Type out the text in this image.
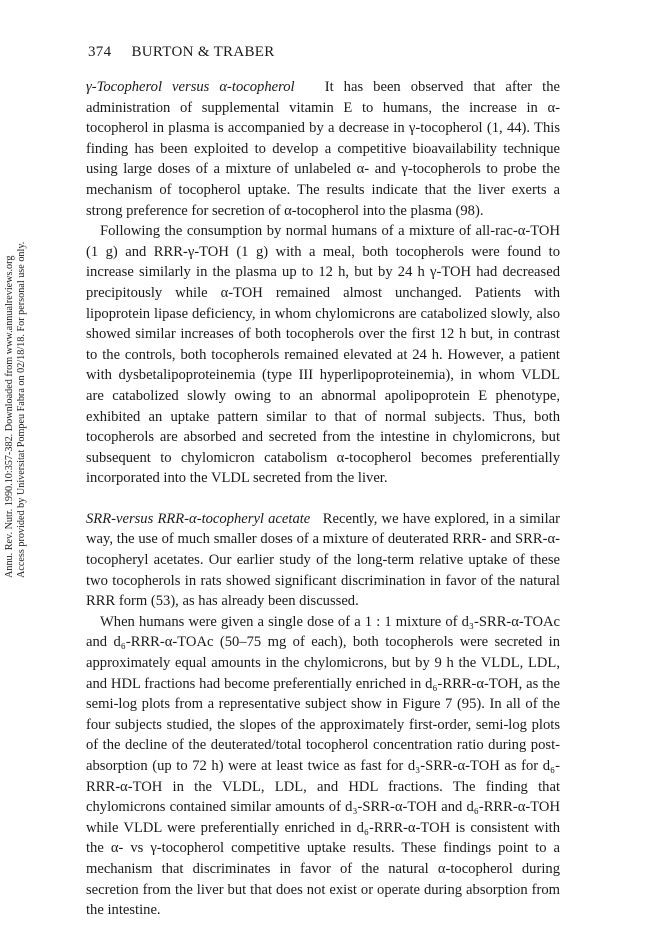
374 BURTON & TRABER
Annu. Rev. Nutr. 1990.10:357-382. Downloaded from www.annualreviews.org Access provided by Universitat Pompeu Fabra on 02/18/18. For personal use only.

γ-Tocopherol versus α-tocopherol It has been observed that after the administration of supplemental vitamin E to humans, the increase in α-tocopherol in plasma is accompanied by a decrease in γ-tocopherol (1, 44). This finding has been exploited to develop a competitive bioavailability technique using large doses of a mixture of unlabeled α- and γ-tocopherols to probe the mechanism of tocopherol uptake. The results indicate that the liver exerts a strong preference for secretion of α-tocopherol into the plasma (98).

Following the consumption by normal humans of a mixture of all-rac-α-TOH (1 g) and RRR-γ-TOH (1 g) with a meal, both tocopherols were found to increase similarly in the plasma up to 12 h, but by 24 h γ-TOH had decreased precipitously while α-TOH remained almost unchanged. Patients with lipoprotein lipase deficiency, in whom chylomicrons are catabolized slowly, also showed similar increases of both tocopherols over the first 12 h but, in contrast to the controls, both tocopherols remained elevated at 24 h. However, a patient with dysbetalipoproteinemia (type III hyperlipoproteinemia), in whom VLDL are catabolized slowly owing to an abnormal apolipoprotein E phenotype, exhibited an uptake pattern similar to that of normal subjects. Thus, both tocopherols are absorbed and secreted from the intestine in chylomicrons, but subsequent to chylomicron catabolism α-tocopherol becomes preferentially incorporated into the VLDL secreted from the liver.

SRR-versus RRR-α-tocopheryl acetate Recently, we have explored, in a similar way, the use of much smaller doses of a mixture of deuterated RRR- and SRR-α-tocopheryl acetates. Our earlier study of the long-term relative uptake of these two tocopherols in rats showed significant discrimination in favor of the natural RRR form (53), as has already been discussed.

When humans were given a single dose of a 1 : 1 mixture of d₃-SRR-α-TOAc and d₆-RRR-α-TOAc (50–75 mg of each), both tocopherols were secreted in approximately equal amounts in the chylomicrons, but by 9 h the VLDL, LDL, and HDL fractions had become preferentially enriched in d₆-RRR-α-TOH, as the semi-log plots from a representative subject show in Figure 7 (95). In all of the four subjects studied, the slopes of the approximately first-order, semi-log plots of the decline of the deuterated/total tocopherol concentration ratio during post-absorption (up to 72 h) were at least twice as fast for d₃-SRR-α-TOH as for d₆-RRR-α-TOH in the VLDL, LDL, and HDL fractions. The finding that chylomicrons contained similar amounts of d₃-SRR-α-TOH and d₆-RRR-α-TOH while VLDL were preferentially enriched in d₆-RRR-α-TOH is consistent with the α- vs γ-tocopherol competitive uptake results. These findings point to a mechanism that discriminates in favor of the natural α-tocopherol during secretion from the liver but that does not exist or operate during absorption from the intestine.
